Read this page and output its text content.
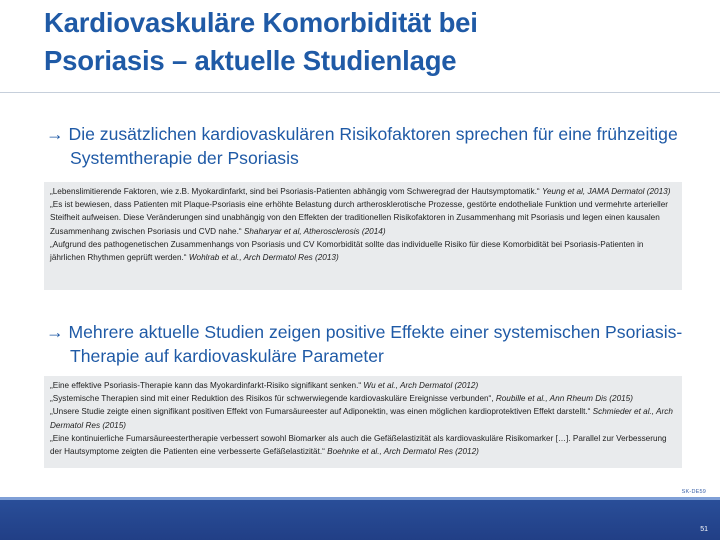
Kardiovaskuläre Komorbidität bei
Psoriasis – aktuelle Studienlage
→ Die zusätzlichen kardiovaskulären Risikofaktoren sprechen für eine frühzeitige Systemtherapie der Psoriasis

„Lebenslimitierende Faktoren, wie z.B. Myokardinfarkt, sind bei Psoriasis-Patienten abhängig vom Schweregrad der Hautsymptomatik.“ Yeung et al, JAMA Dermatol (2013)

„Es ist bewiesen, dass Patienten mit Plaque-Psoriasis eine erhöhte Belastung durch artherosklerotische Prozesse, gestörte endotheliale Funktion und vermehrte arterieller Steifheit aufweisen. Diese Veränderungen sind unabhängig von den Effekten der traditionellen Risikofaktoren in Zusammenhang mit Psoriasis und legen einen kausalen Zusammenhang zwischen Psoriasis und CVD nahe.“ Shaharyar et al, Atherosclerosis (2014)

„Aufgrund des pathogenetischen Zusammenhangs von Psoriasis und CV Komorbidität sollte das individuelle Risiko für diese Komorbidität bei Psoriasis-Patienten in jährlichen Rhythmen geprüft werden.“ Wohlrab et al., Arch Dermatol Res (2013)

→ Mehrere aktuelle Studien zeigen positive Effekte einer systemischen Psoriasis-Therapie auf kardiovaskuläre Parameter

„Eine effektive Psoriasis-Therapie kann das Myokardinfarkt-Risiko signifikant senken.“ Wu et al., Arch Dermatol (2012)

„Systemische Therapien sind mit einer Reduktion des Risikos für schwerwiegende kardiovaskuläre Ereignisse verbunden“, Roubille et al., Ann Rheum Dis (2015)

„Unsere Studie zeigte einen signifikant positiven Effekt von Fumarsäureester auf Adiponektin, was einen möglichen kardioprotektiven Effekt darstellt.“ Schmieder et al., Arch Dermatol Res (2015)

„Eine kontinuierliche Fumarsäureestertherapie verbessert sowohl Biomarker als auch die Gefäßelastizität als kardiovaskuläre Risikomarker […]. Parallel zur Verbesserung der Hautsymptome zeigten die Patienten eine verbesserte Gefäßelastizität.“ Boehnke et al., Arch Dermatol Res (2012)

SK-DE59
51
